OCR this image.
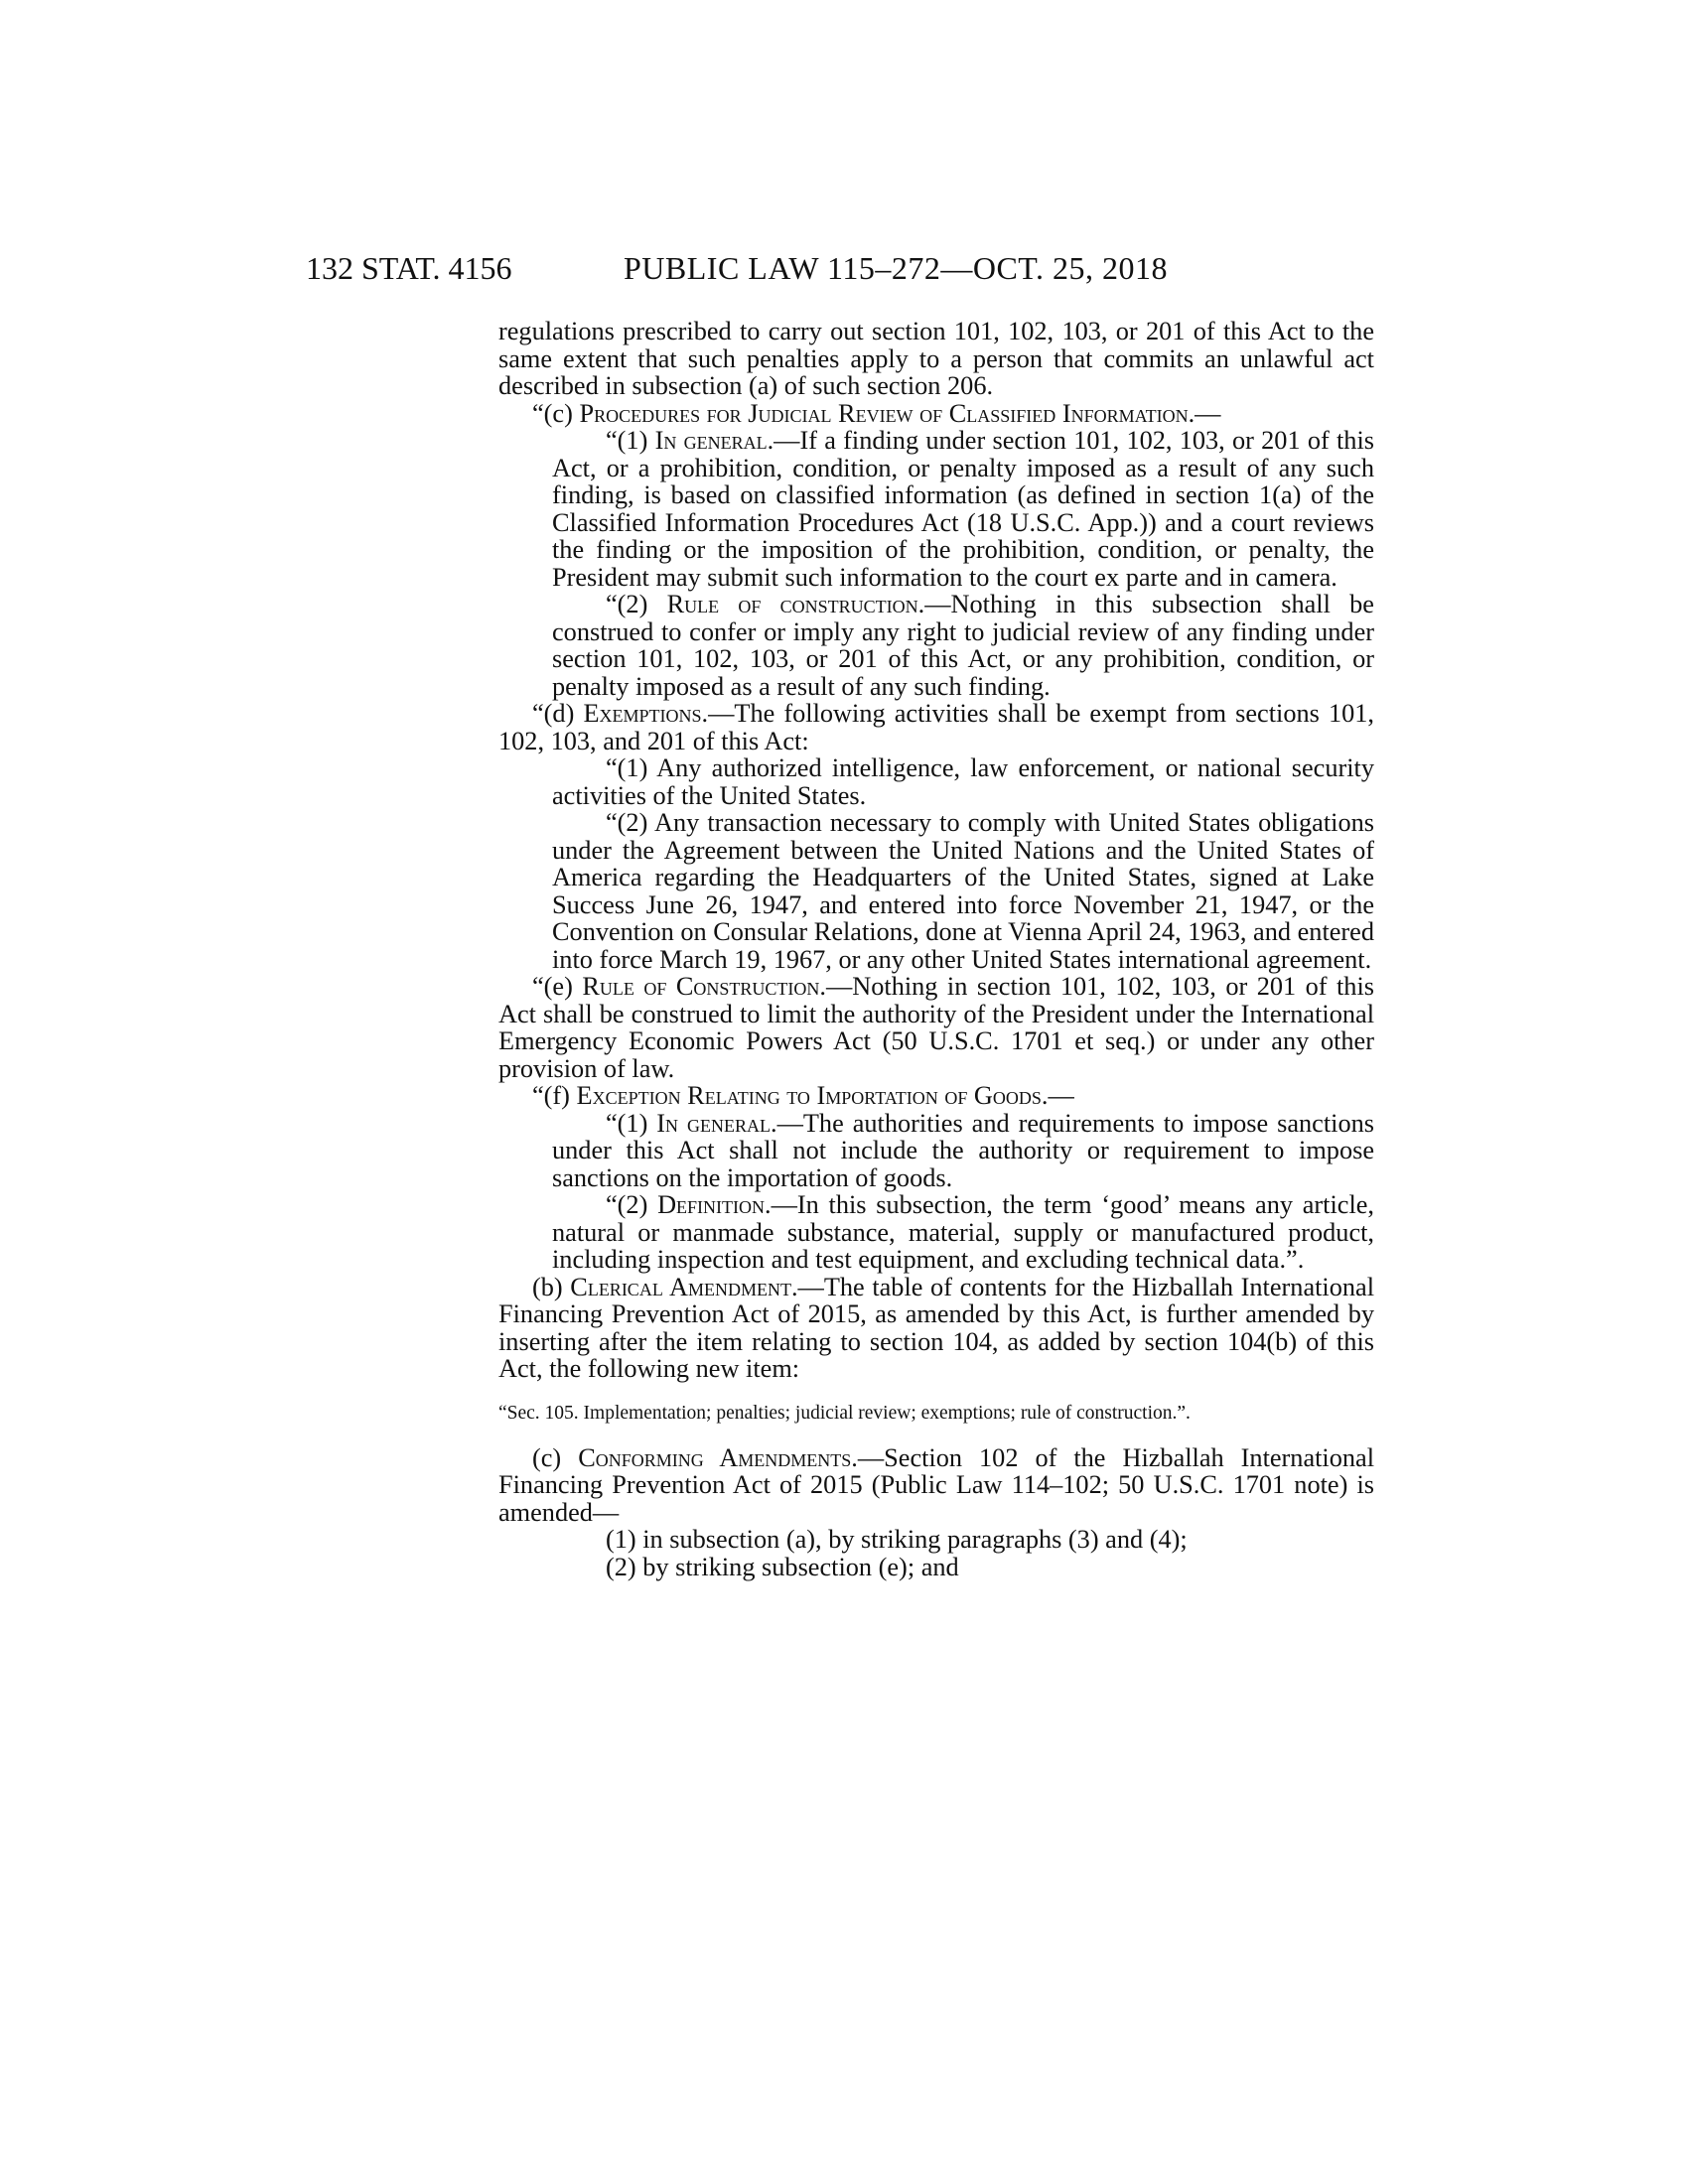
132 STAT. 4156	PUBLIC LAW 115–272—OCT. 25, 2018

regulations prescribed to carry out section 101, 102, 103, or 201 of this Act to the same extent that such penalties apply to a person that commits an unlawful act described in subsection (a) of such section 206.

“(c) Procedures for Judicial Review of Classified Information.—

“(1) In general.—If a finding under section 101, 102, 103, or 201 of this Act, or a prohibition, condition, or penalty imposed as a result of any such finding, is based on classified information (as defined in section 1(a) of the Classified Information Procedures Act (18 U.S.C. App.)) and a court reviews the finding or the imposition of the prohibition, condition, or penalty, the President may submit such information to the court ex parte and in camera.

“(2) Rule of construction.—Nothing in this subsection shall be construed to confer or imply any right to judicial review of any finding under section 101, 102, 103, or 201 of this Act, or any prohibition, condition, or penalty imposed as a result of any such finding.

“(d) Exemptions.—The following activities shall be exempt from sections 101, 102, 103, and 201 of this Act:

“(1) Any authorized intelligence, law enforcement, or national security activities of the United States.

“(2) Any transaction necessary to comply with United States obligations under the Agreement between the United Nations and the United States of America regarding the Headquarters of the United States, signed at Lake Success June 26, 1947, and entered into force November 21, 1947, or the Convention on Consular Relations, done at Vienna April 24, 1963, and entered into force March 19, 1967, or any other United States international agreement.

“(e) Rule of Construction.—Nothing in section 101, 102, 103, or 201 of this Act shall be construed to limit the authority of the President under the International Emergency Economic Powers Act (50 U.S.C. 1701 et seq.) or under any other provision of law.

“(f) Exception Relating to Importation of Goods.—

“(1) In general.—The authorities and requirements to impose sanctions under this Act shall not include the authority or requirement to impose sanctions on the importation of goods.

“(2) Definition.—In this subsection, the term ‘good’ means any article, natural or manmade substance, material, supply or manufactured product, including inspection and test equipment, and excluding technical data.”.

(b) Clerical Amendment.—The table of contents for the Hizballah International Financing Prevention Act of 2015, as amended by this Act, is further amended by inserting after the item relating to section 104, as added by section 104(b) of this Act, the following new item:

“Sec. 105. Implementation; penalties; judicial review; exemptions; rule of construction.”.

(c) Conforming Amendments.—Section 102 of the Hizballah International Financing Prevention Act of 2015 (Public Law 114–102; 50 U.S.C. 1701 note) is amended—

(1) in subsection (a), by striking paragraphs (3) and (4);

(2) by striking subsection (e); and
